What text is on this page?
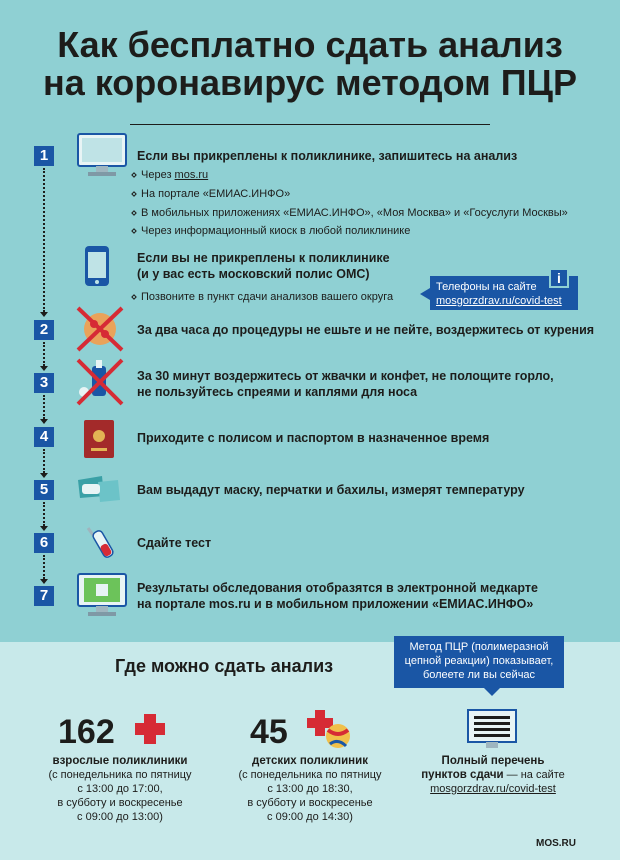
Как бесплатно сдать анализ
на коронавирус методом ПЦР
1
2
3
4
5
6
7
Если вы прикреплены к поликлинике, запишитесь на анализ
Через mos.ru
На портале «ЕМИАС.ИНФО»
В мобильных приложениях «ЕМИАС.ИНФО», «Моя Москва» и «Госуслуги Москвы»
Через информационный киоск в любой поликлинике
Если вы не прикреплены к поликлинике
(и у вас есть московский полис ОМС)
Позвоните в пункт сдачи анализов вашего округа
Телефоны на сайте
mosgorzdrav.ru/covid-test
i
За два часа до процедуры не ешьте и не пейте, воздержитесь от курения
За 30 минут воздержитесь от жвачки и конфет, не полощите горло,
не пользуйтесь спреями и каплями для носа
Приходите с полисом и паспортом в назначенное время
Вам выдадут маску, перчатки и бахилы, измерят температуру
Сдайте тест
Результаты обследования отобразятся в электронной медкарте
на портале mos.ru и в мобильном приложении «ЕМИАС.ИНФО»
Где можно сдать анализ
Метод ПЦР (полимеразной цепной реакции) показывает, болеете ли вы сейчас
162
взрослые поликлиники
(с понедельника по пятницу
с 13:00 до 17:00,
в субботу и воскресенье
с 09:00 до 13:00)
45
детских поликлиник
(с понедельника по пятницу
с 13:00 до 18:30,
в субботу и воскресенье
с 09:00 до 14:30)
Полный перечень
пунктов сдачи — на сайте
mosgorzdrav.ru/covid-test
MOS.RU
